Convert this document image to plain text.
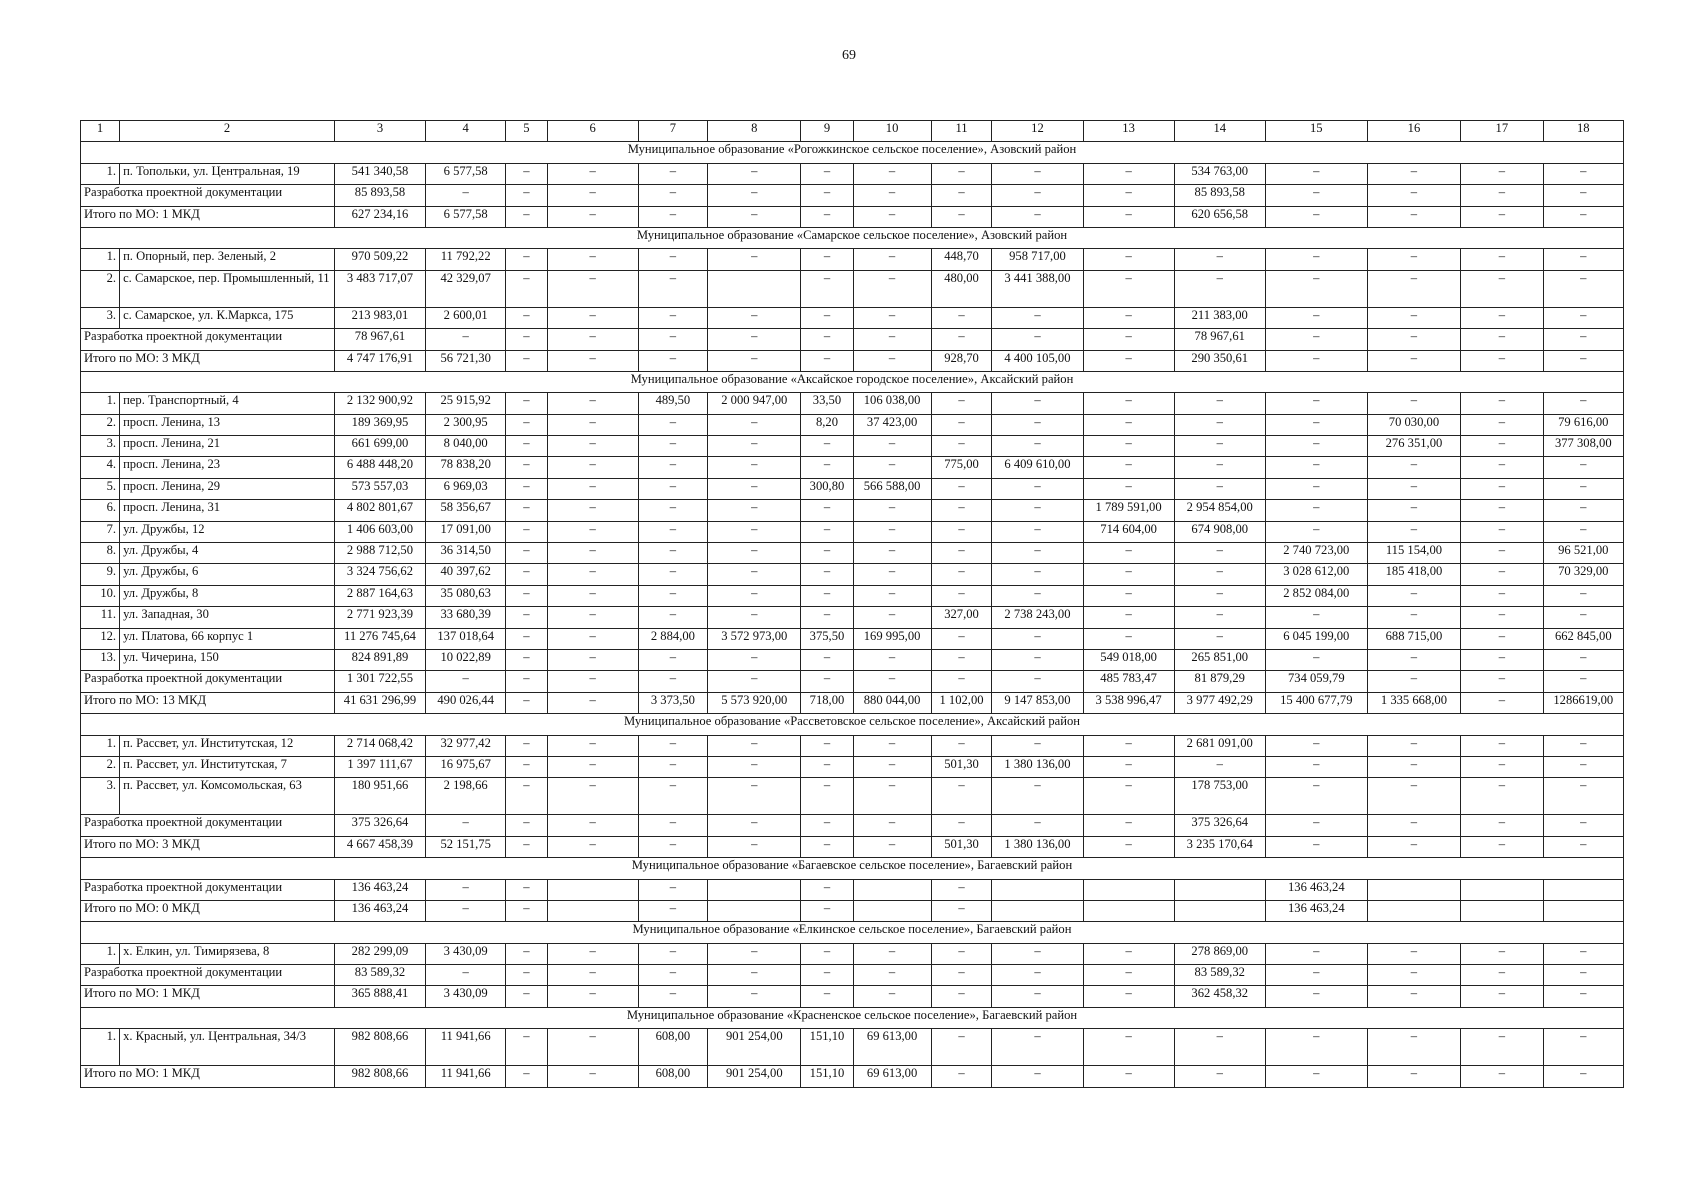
69
1	2	3	4	5	6	7	8	9	10	11	12	13	14	15	16	17	18
Муниципальное образование «Рогожкинское сельское поселение», Азовский район																	
1.	п. Топольки, ул. Центральная, 19	541 340,58	6 577,58	–	–	–	–	–	–	–	–	–	534 763,00	–	–	–	–
Разработка проектной документации		85 893,58	–	–	–	–	–	–	–	–	–	–	85 893,58	–	–	–	–
Итого по МО: 1 МКД		627 234,16	6 577,58	–	–	–	–	–	–	–	–	–	620 656,58	–	–	–	–
Муниципальное образование «Самарское сельское поселение», Азовский район																	
1.	п. Опорный, пер. Зеленый, 2	970 509,22	11 792,22	–	–	–	–	–	–	448,70	958 717,00	–	–	–	–	–	–
2.	с. Самарское, пер. Промышленный, 11	3 483 717,07	42 329,07	–	–	–		–	–	480,00	3 441 388,00	–	–	–	–	–	–
3.	с. Самарское, ул. К.Маркса, 175	213 983,01	2 600,01	–	–	–	–	–	–	–	–	–	211 383,00	–	–	–	–
Разработка проектной документации		78 967,61	–	–	–	–	–	–	–	–	–	–	78 967,61	–	–	–	–
Итого по МО: 3 МКД		4 747 176,91	56 721,30	–	–	–	–	–	–	928,70	4 400 105,00	–	290 350,61	–	–	–	–
Муниципальное образование «Аксайское городское поселение», Аксайский район																	
1.	пер. Транспортный, 4	2 132 900,92	25 915,92	–	–	489,50	2 000 947,00	33,50	106 038,00	–	–	–	–	–	–	–	–
2.	просп. Ленина, 13	189 369,95	2 300,95	–	–	–	–	8,20	37 423,00	–	–	–	–	–	70 030,00	–	79 616,00
3.	просп. Ленина, 21	661 699,00	8 040,00	–	–	–	–	–	–	–	–	–	–	–	276 351,00	–	377 308,00
4.	просп. Ленина, 23	6 488 448,20	78 838,20	–	–	–	–	–	–	775,00	6 409 610,00	–	–	–	–	–	–
5.	просп. Ленина, 29	573 557,03	6 969,03	–	–	–	–	300,80	566 588,00	–	–	–	–	–	–	–	–
6.	просп. Ленина, 31	4 802 801,67	58 356,67	–	–	–	–	–	–	–	–	1 789 591,00	2 954 854,00	–	–	–	–
7.	ул. Дружбы, 12	1 406 603,00	17 091,00	–	–	–	–	–	–	–	–	714 604,00	674 908,00	–	–	–	–
8.	ул. Дружбы, 4	2 988 712,50	36 314,50	–	–	–	–	–	–	–	–	–	–	2 740 723,00	115 154,00	–	96 521,00
9.	ул. Дружбы, 6	3 324 756,62	40 397,62	–	–	–	–	–	–	–	–	–	–	3 028 612,00	185 418,00	–	70 329,00
10.	ул. Дружбы, 8	2 887 164,63	35 080,63	–	–	–	–	–	–	–	–	–	–	2 852 084,00	–	–	–
11.	ул. Западная, 30	2 771 923,39	33 680,39	–	–	–	–	–	–	327,00	2 738 243,00	–	–	–	–	–	–
12.	ул. Платова, 66 корпус 1	11 276 745,64	137 018,64	–	–	2 884,00	3 572 973,00	375,50	169 995,00	–	–	–	–	6 045 199,00	688 715,00	–	662 845,00
13.	ул. Чичерина, 150	824 891,89	10 022,89	–	–	–	–	–	–	–	–	549 018,00	265 851,00	–	–	–	–
Разработка проектной документации		1 301 722,55	–	–	–	–	–	–	–	–	–	485 783,47	81 879,29	734 059,79	–	–	–
Итого по МО: 13 МКД		41 631 296,99	490 026,44	–	–	3 373,50	5 573 920,00	718,00	880 044,00	1 102,00	9 147 853,00	3 538 996,47	3 977 492,29	15 400 677,79	1 335 668,00	–	1286619,00
Муниципальное образование «Рассветовское сельское поселение», Аксайский район																	
1.	п. Рассвет, ул. Институтская, 12	2 714 068,42	32 977,42	–	–	–	–	–	–	–	–	–	2 681 091,00	–	–	–	–
2.	п. Рассвет, ул. Институтская, 7	1 397 111,67	16 975,67	–	–	–	–	–	–	501,30	1 380 136,00	–	–	–	–	–	–
3.	п. Рассвет, ул. Комсомольская, 63	180 951,66	2 198,66	–	–	–	–	–	–	–	–	–	178 753,00	–	–	–	–
Разработка проектной документации		375 326,64	–	–	–	–	–	–	–	–	–	–	375 326,64	–	–	–	–
Итого по МО: 3 МКД		4 667 458,39	52 151,75	–	–	–	–	–	–	501,30	1 380 136,00	–	3 235 170,64	–	–	–	–
Муниципальное образование «Багаевское сельское поселение», Багаевский район																	
Разработка проектной документации		136 463,24	–	–		–		–		–				136 463,24			
Итого по МО: 0 МКД		136 463,24	–	–		–		–		–				136 463,24			
Муниципальное образование «Елкинское сельское поселение», Багаевский район																	
1.	х. Елкин, ул. Тимирязева, 8	282 299,09	3 430,09	–	–	–	–	–	–	–	–	–	278 869,00	–	–	–	–
Разработка проектной документации		83 589,32	–	–	–	–	–	–	–	–	–	–	83 589,32	–	–	–	–
Итого по МО: 1 МКД		365 888,41	3 430,09	–	–	–	–	–	–	–	–	–	362 458,32	–	–	–	–
Муниципальное образование «Красненское сельское поселение», Багаевский район																	
1.	х. Красный, ул. Центральная, 34/3	982 808,66	11 941,66	–	–	608,00	901 254,00	151,10	69 613,00	–	–	–	–	–	–	–	–
Итого по МО: 1 МКД		982 808,66	11 941,66	–	–	608,00	901 254,00	151,10	69 613,00	–	–	–	–	–	–	–	–
